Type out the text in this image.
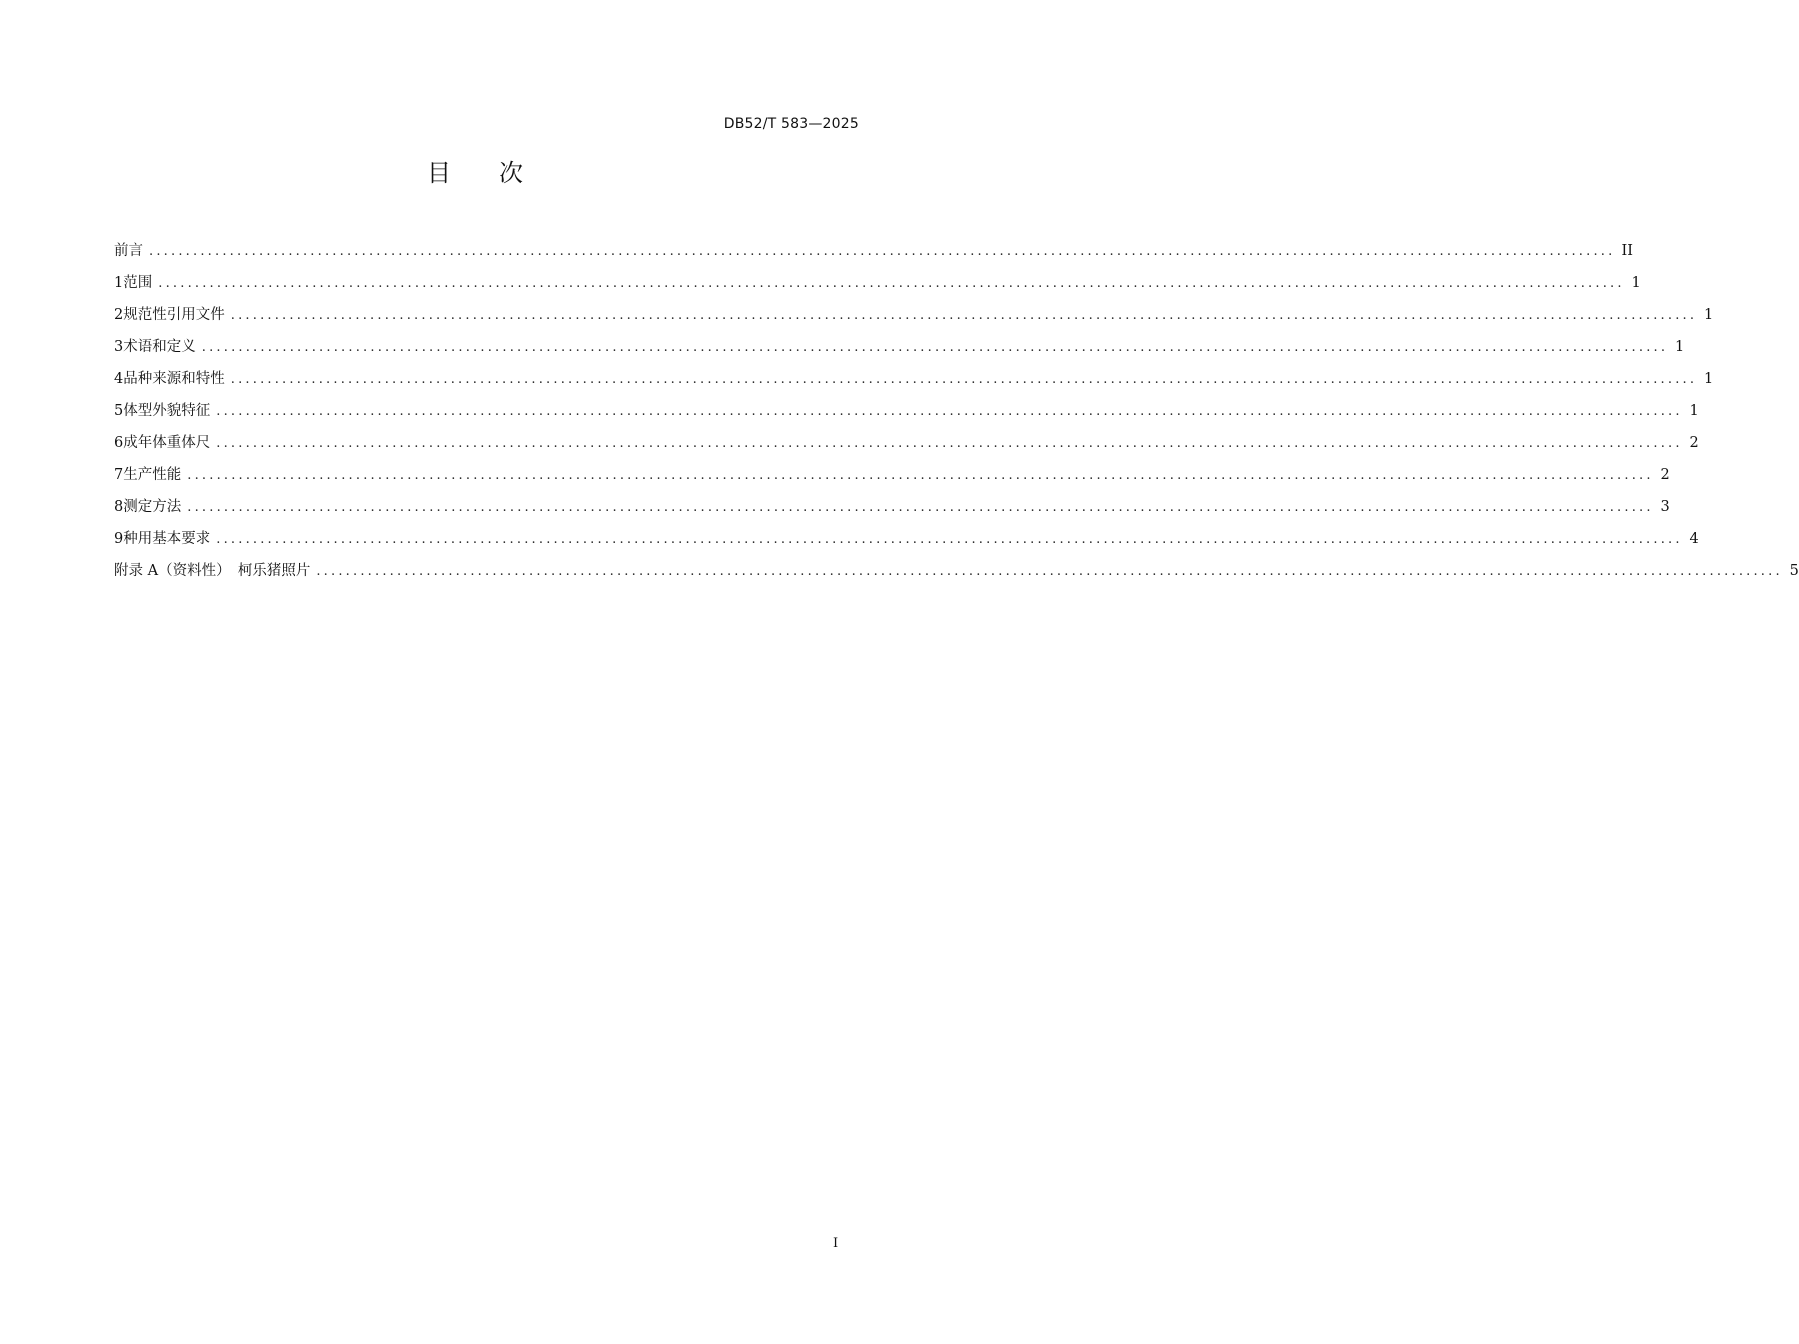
DB52/T 583—2025
目次
前言 ........................................................................................................................................................................................................ II
1 范围 ........................................................................................................................................................................................................ 1
2 规范性引用文件 ........................................................................................................................................................................................................ 1
3 术语和定义 ........................................................................................................................................................................................................ 1
4 品种来源和特性 ........................................................................................................................................................................................................ 1
5 体型外貌特征 ........................................................................................................................................................................................................ 1
6 成年体重体尺 ........................................................................................................................................................................................................ 2
7 生产性能 ........................................................................................................................................................................................................ 2
8 测定方法 ........................................................................................................................................................................................................ 3
9 种用基本要求 ........................................................................................................................................................................................................ 4
附录 A（资料性）　柯乐猪照片 ........................................................................................................................................................................................................ 5
I
